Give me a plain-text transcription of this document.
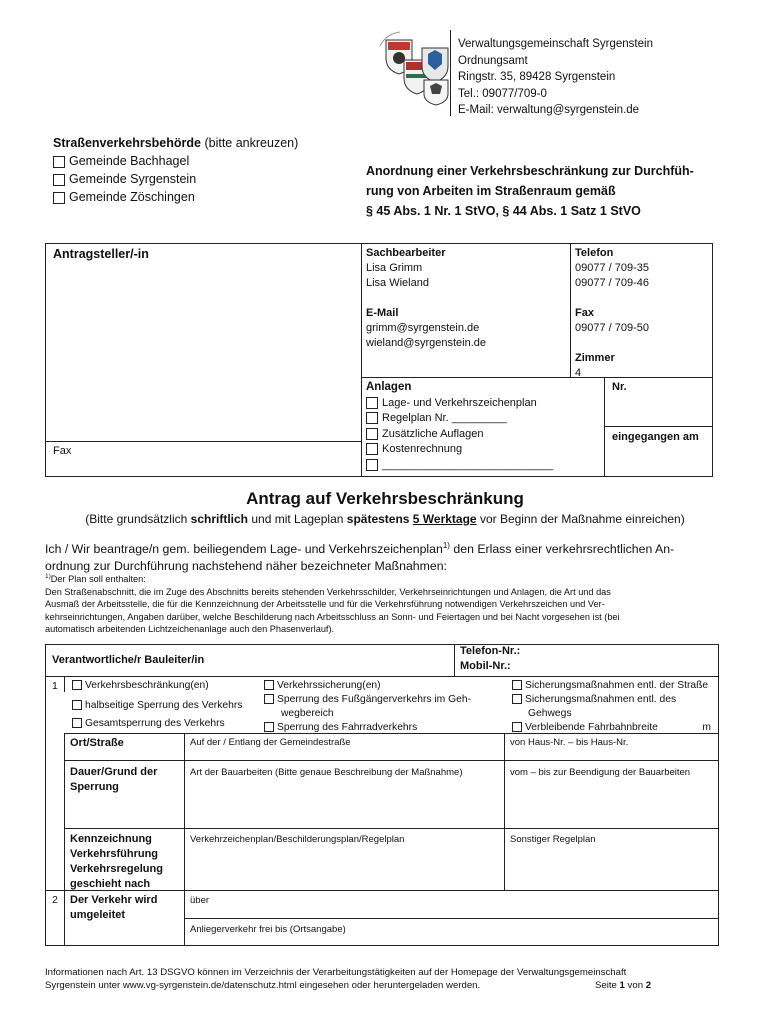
Verwaltungsgemeinschaft Syrgenstein
Ordnungsamt
Ringstr. 35, 89428 Syrgenstein
Tel.: 09077/709-0
E-Mail: verwaltung@syrgenstein.de
Straßenverkehrsbehörde (bitte ankreuzen)
Gemeinde Bachhagel
Gemeinde Syrgenstein
Gemeinde Zöschingen
Anordnung einer Verkehrsbeschränkung zur Durchfüh-
rung von Arbeiten im Straßenraum gemäß
§ 45 Abs. 1 Nr. 1 StVO, § 44 Abs. 1 Satz 1 StVO
Antragsteller/-in
Fax
Sachbearbeiter
Lisa Grimm
Lisa Wieland
E-Mail
grimm@syrgenstein.de
wieland@syrgenstein.de
Telefon
09077 / 709-35
09077 / 709-46
Fax
09077 / 709-50
Zimmer
4
Anlagen
Lage- und Verkehrszeichenplan
Regelplan Nr. _________
Zusätzliche Auflagen
Kostenrechnung
____________________________
Nr.
eingegangen am
Antrag auf Verkehrsbeschränkung
(Bitte grundsätzlich schriftlich und mit Lageplan spätestens 5 Werktage vor Beginn der Maßnahme einreichen)
Ich / Wir beantrage/n gem. beiliegendem Lage- und Verkehrszeichenplan$^{1)}$ den Erlass einer verkehrsrechtlichen An-
ordnung zur Durchführung nachstehend näher bezeichneter Maßnahmen:
$^{1)}$Der Plan soll enthalten:
Den Straßenabschnitt, die im Zuge des Abschnitts bereits stehenden Verkehrsschilder, Verkehrseinrichtungen und Anlagen, die Art und das
Ausmaß der Arbeitsstelle, die für die Kennzeichnung der Arbeitsstelle und für die Verkehrsführung notwendigen Verkehrszeichen und Ver-
kehrseinrichtungen, Angaben darüber, welche Beschilderung nach Arbeitsschluss an Sonn- und Feiertagen und bei Nacht vorgesehen ist (bei
automatisch arbeitenden Lichtzeichenanlage auch den Phasenverlauf).
Verantwortliche/r Bauleiter/in
Telefon-Nr.:
Mobil-Nr.:
1	Verkehrsbeschränkung(en)
halbseitige Sperrung des Verkehrs
Gesamtsperrung des Verkehrs
Verkehrssicherung(en)
Sperrung des Fußgängerverkehrs im Geh-
wegbereich
Sperrung des Fahrradverkehrs
Sicherungsmaßnahmen entl. der Straße
Sicherungsmaßnahmen entl. des
Gehwegs
Verbleibende Fahrbahnbreite	m
Ort/Straße	Auf der / Entlang der Gemeindestraße	von Haus-Nr. – bis Haus-Nr.
Dauer/Grund der
Sperrung
Art der Bauarbeiten (Bitte genaue Beschreibung der Maßnahme)	vom – bis zur Beendigung der Bauarbeiten
Kennzeichnung
Verkehrsführung
Verkehrsregelung
geschieht nach
Verkehrzeichenplan/Beschilderungsplan/Regelplan	Sonstiger Regelplan
2 Der Verkehr wird
umgeleitet
über
Anliegerverkehr frei bis (Ortsangabe)
Informationen nach Art. 13 DSGVO können im Verzeichnis der Verarbeitungstätigkeiten auf der Homepage der Verwaltungsgemeinschaft
Syrgenstein unter www.vg-syrgenstein.de/datenschutz.html eingesehen oder heruntergeladen werden.	Seite 1 von 2
